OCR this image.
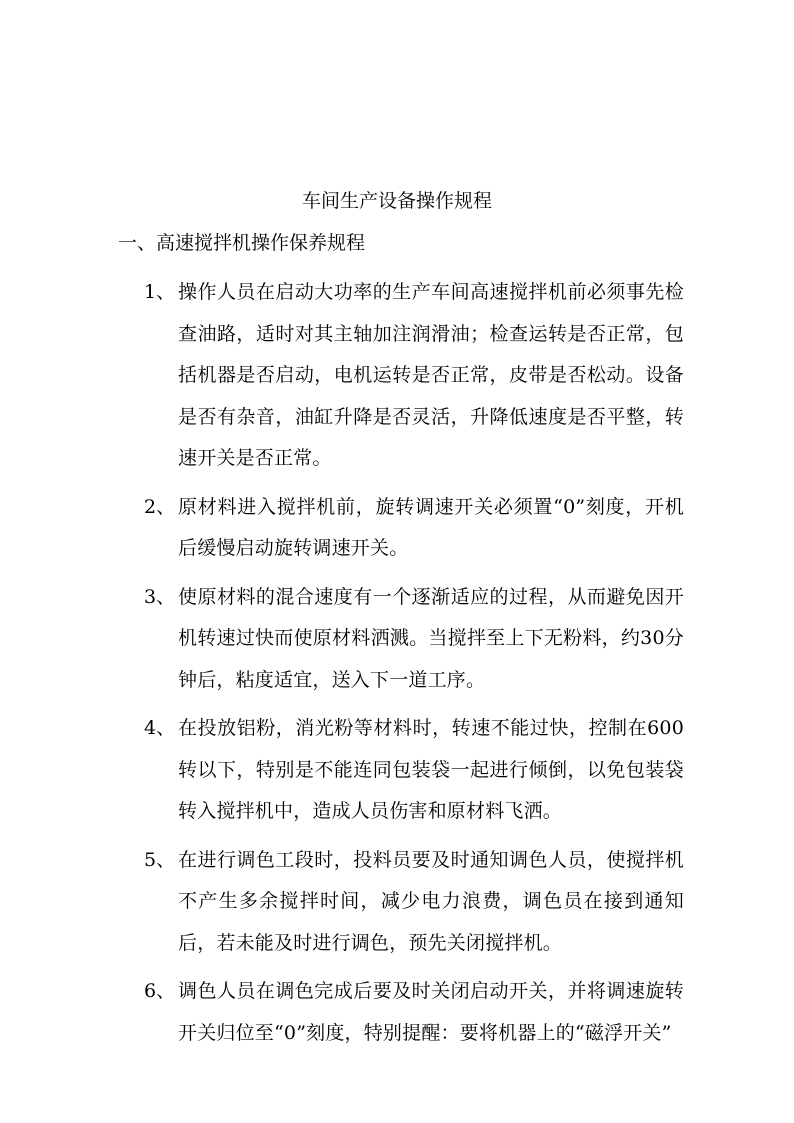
车间生产设备操作规程
一、高速搅拌机操作保养规程
1、 操作人员在启动大功率的生产车间高速搅拌机前必须事先检查油路，适时对其主轴加注润滑油；检查运转是否正常，包括机器是否启动，电机运转是否正常，皮带是否松动。设备是否有杂音，油缸升降是否灵活，升降低速度是否平整，转速开关是否正常。
2、 原材料进入搅拌机前，旋转调速开关必须置“0”刻度，开机后缓慢启动旋转调速开关。
3、 使原材料的混合速度有一个逐渐适应的过程，从而避免因开机转速过快而使原材料洒溅。当搅拌至上下无粉料，约30分钟后，粘度适宜，送入下一道工序。
4、 在投放铝粉，消光粉等材料时，转速不能过快，控制在600转以下，特别是不能连同包装袋一起进行倾倒，以免包装袋转入搅拌机中，造成人员伤害和原材料飞洒。
5、 在进行调色工段时，投料员要及时通知调色人员，使搅拌机不产生多余搅拌时间，减少电力浪费，调色员在接到通知后，若未能及时进行调色，预先关闭搅拌机。
6、 调色人员在调色完成后要及时关闭启动开关，并将调速旋转开关归位至“0”刻度，特别提醒：要将机器上的“磁浮开关”
